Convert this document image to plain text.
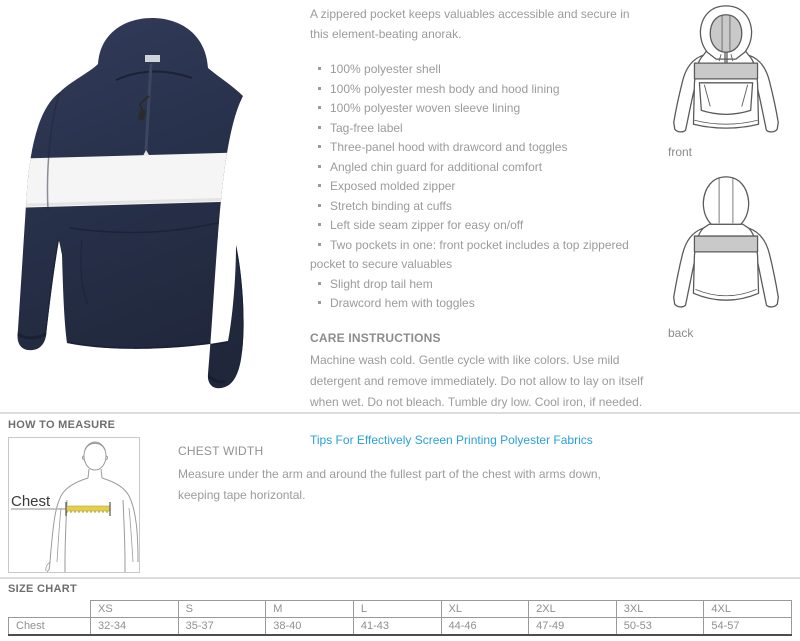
A zippered pocket keeps valuables accessible and secure in this element-beating anorak.

100% polyester shell
100% polyester mesh body and hood lining
100% polyester woven sleeve lining
Tag-free label
Three-panel hood with drawcord and toggles
Angled chin guard for additional comfort
Exposed molded zipper
Stretch binding at cuffs
Left side seam zipper for easy on/off
Two pockets in one: front pocket includes a top zippered pocket to secure valuables
Slight drop tail hem
Drawcord hem with toggles
CARE INSTRUCTIONS
Machine wash cold. Gentle cycle with like colors. Use mild detergent and remove immediately. Do not allow to lay on itself when wet. Do not bleach. Tumble dry low. Cool iron, if needed.
Tips For Effectively Screen Printing Polyester Fabrics
front
back
HOW TO MEASURE
Chest
CHEST WIDTH
Measure under the arm and around the fullest part of the chest with arms down, keeping tape horizontal.
SIZE CHART
	XS	S	M	L	XL	2XL	3XL	4XL
Chest	32-34	35-37	38-40	41-43	44-46	47-49	50-53	54-57
